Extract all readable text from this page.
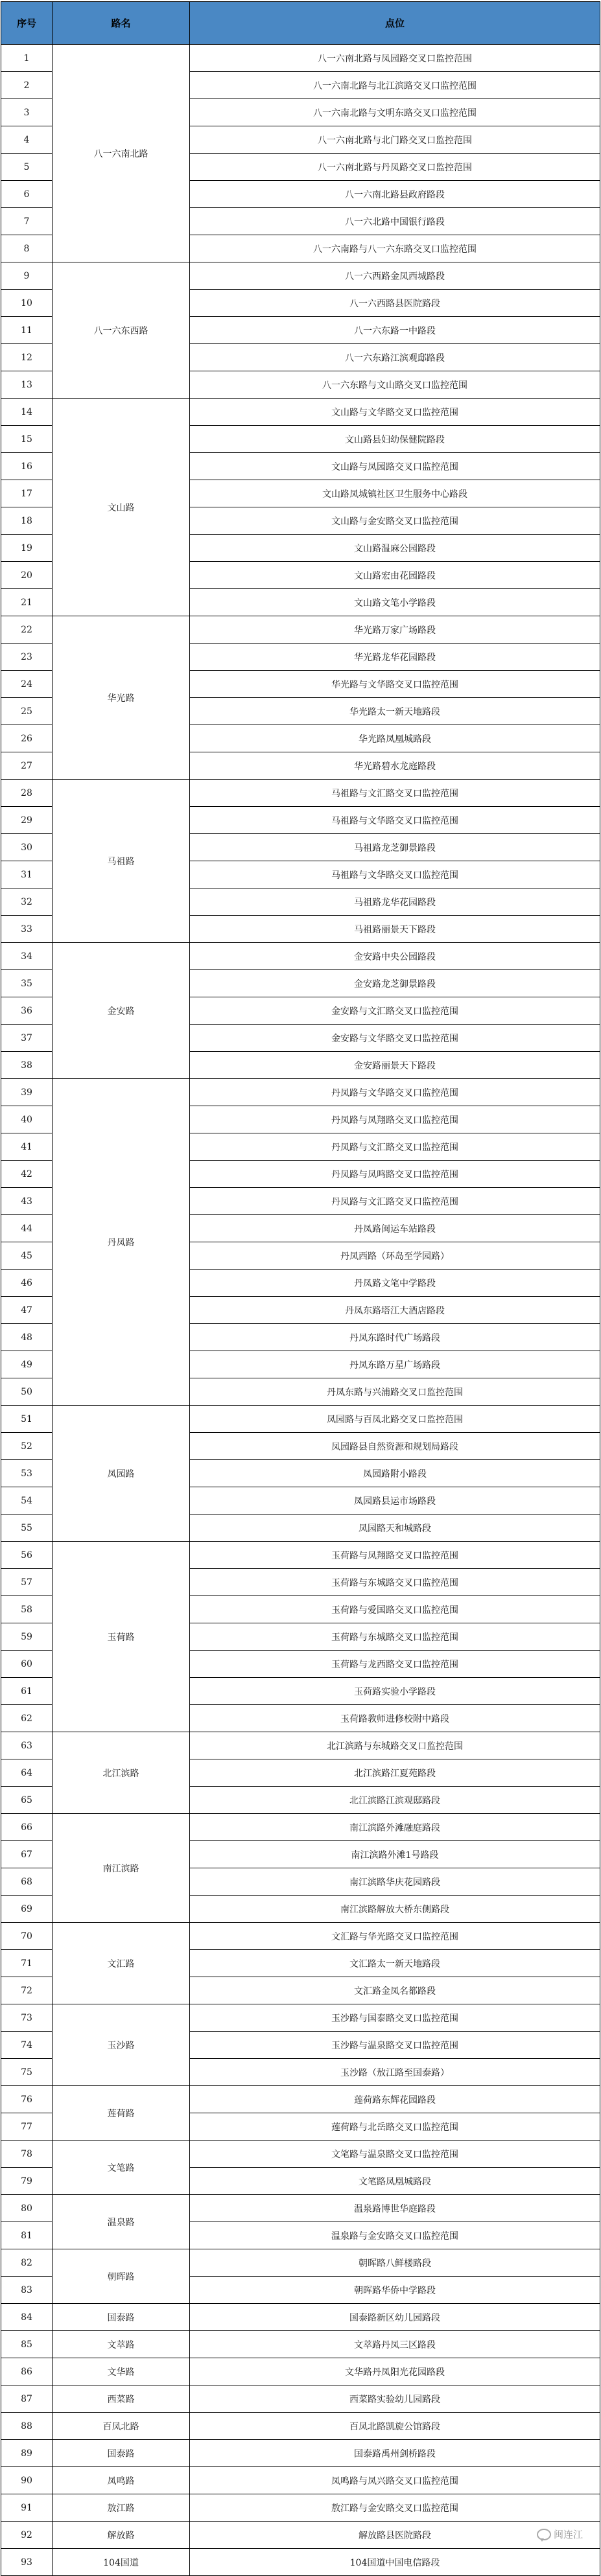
序号	路名	点位
1	八一六南北路	八一六南北路与凤园路交叉口监控范围
2		八一六南北路与北江滨路交叉口监控范围
3		八一六南北路与文明东路交叉口监控范围
4		八一六南北路与北门路交叉口监控范围
5		八一六南北路与丹凤路交叉口监控范围
6		八一六南北路县政府路段
7		八一六北路中国银行路段
8		八一六南路与八一六东路交叉口监控范围
9	八一六东西路	八一六西路金凤西城路段
10		八一六西路县医院路段
11		八一六东路一中路段
12		八一六东路江滨观邸路段
13		八一六东路与文山路交叉口监控范围
14	文山路	文山路与文华路交叉口监控范围
15		文山路县妇幼保健院路段
16		文山路与凤园路交叉口监控范围
17		文山路凤城镇社区卫生服务中心路段
18		文山路与金安路交叉口监控范围
19		文山路温麻公园路段
20		文山路宏由花园路段
21		文山路文笔小学路段
22	华光路	华光路万家广场路段
23		华光路龙华花园路段
24		华光路与文华路交叉口监控范围
25		华光路太一新天地路段
26		华光路凤凰城路段
27		华光路碧水龙庭路段
28	马祖路	马祖路与文汇路交叉口监控范围
29		马祖路与文华路交叉口监控范围
30		马祖路龙芝御景路段
31		马祖路与文华路交叉口监控范围
32		马祖路龙华花园路段
33		马祖路丽景天下路段
34	金安路	金安路中央公园路段
35		金安路龙芝御景路段
36		金安路与文汇路交叉口监控范围
37		金安路与文华路交叉口监控范围
38		金安路丽景天下路段
39	丹凤路	丹凤路与文华路交叉口监控范围
40		丹凤路与凤翔路交叉口监控范围
41		丹凤路与文汇路交叉口监控范围
42		丹凤路与凤鸣路交叉口监控范围
43		丹凤路与文汇路交叉口监控范围
44		丹凤路闽运车站路段
45		丹凤西路（环岛至学园路）
46		丹凤路文笔中学路段
47		丹凤东路塔江大酒店路段
48		丹凤东路时代广场路段
49		丹凤东路万星广场路段
50		丹凤东路与兴浦路交叉口监控范围
51	凤园路	凤园路与百凤北路交叉口监控范围
52		凤园路县自然资源和规划局路段
53		凤园路附小路段
54		凤园路县运市场路段
55		凤园路天和城路段
56	玉荷路	玉荷路与凤翔路交叉口监控范围
57		玉荷路与东城路交叉口监控范围
58		玉荷路与爱国路交叉口监控范围
59		玉荷路与东城路交叉口监控范围
60		玉荷路与龙西路交叉口监控范围
61		玉荷路实验小学路段
62		玉荷路教师进修校附中路段
63	北江滨路	北江滨路与东城路交叉口监控范围
64		北江滨路江夏苑路段
65		北江滨路江滨观邸路段
66	南江滨路	南江滨路外滩融庭路段
67		南江滨路外滩1号路段
68		南江滨路华庆花园路段
69		南江滨路解放大桥东侧路段
70	文汇路	文汇路与华光路交叉口监控范围
71		文汇路太一新天地路段
72		文汇路金凤名都路段
73	玉沙路	玉沙路与国泰路交叉口监控范围
74		玉沙路与温泉路交叉口监控范围
75		玉沙路（敖江路至国泰路）
76	莲荷路	莲荷路东辉花园路段
77		莲荷路与北岳路交叉口监控范围
78	文笔路	文笔路与温泉路交叉口监控范围
79		文笔路凤凰城路段
80	温泉路	温泉路博世华庭路段
81		温泉路与金安路交叉口监控范围
82	朝晖路	朝晖路八鲜楼路段
83		朝晖路华侨中学路段
84	国泰路	国泰路新区幼儿园路段
85	文萃路	文萃路丹凤三区路段
86	文华路	文华路丹凤阳光花园路段
87	西菜路	西菜路实验幼儿园路段
88	百凤北路	百凤北路凯旋公馆路段
89	国泰路	国泰路禹州剑桥路段
90	凤鸣路	凤鸣路与凤兴路交叉口监控范围
91	敖江路	敖江路与金安路交叉口监控范围
92	解放路	解放路县医院路段
93	104国道	104国道中国电信路段
闽连江
